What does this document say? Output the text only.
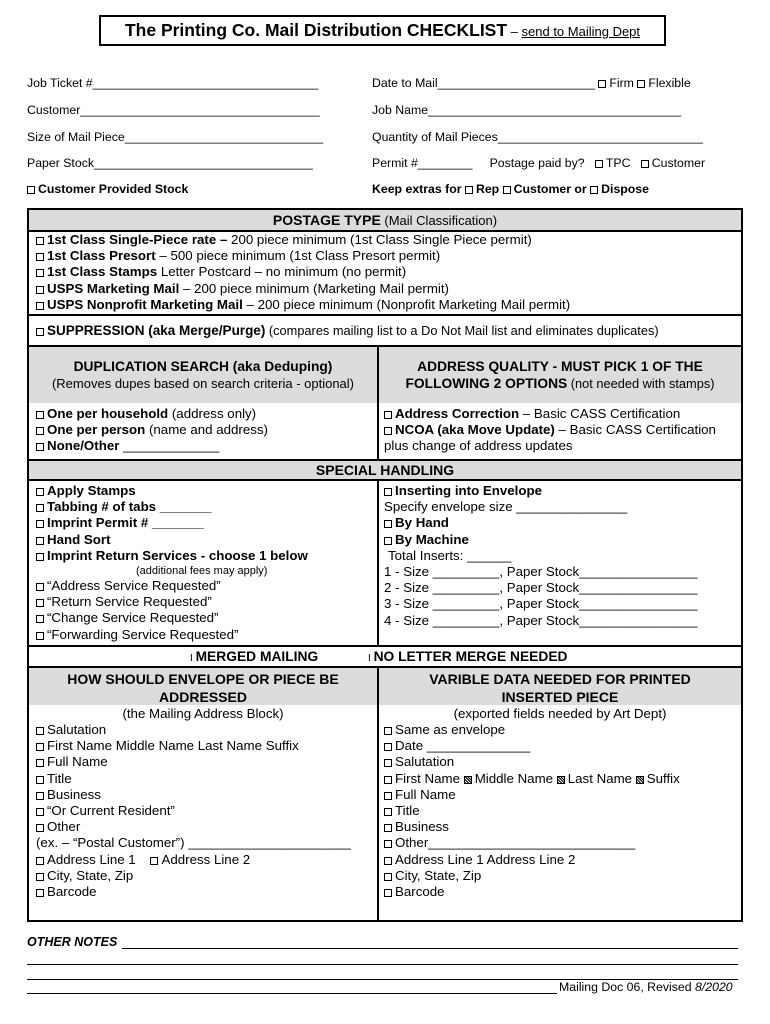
The Printing Co. Mail Distribution CHECKLIST – send to Mailing Dept
Job Ticket #_________________________________
Customer___________________________________
Size of Mail Piece_____________________________
Paper Stock________________________________
Customer Provided Stock
Date to Mail_______________________ Firm Flexible
Job Name_____________________________________
Quantity of Mail Pieces______________________________
Permit #________ Postage paid by? TPC Customer
Keep extras for Rep Customer or Dispose
POSTAGE TYPE (Mail Classification)
1st Class Single-Piece rate – 200 piece minimum (1st Class Single Piece permit)
1st Class Presort – 500 piece minimum (1st Class Presort permit)
1st Class Stamps Letter Postcard – no minimum (no permit)
USPS Marketing Mail – 200 piece minimum (Marketing Mail permit)
USPS Nonprofit Marketing Mail – 200 piece minimum (Nonprofit Marketing Mail permit)
SUPPRESSION (aka Merge/Purge) (compares mailing list to a Do Not Mail list and eliminates duplicates)
DUPLICATION SEARCH (aka Deduping)
(Removes dupes based on search criteria - optional)
ADDRESS QUALITY - MUST PICK 1 OF THE
FOLLOWING 2 OPTIONS (not needed with stamps)
One per household (address only)
One per person (name and address)
None/Other _____________
Address Correction – Basic CASS Certification
NCOA (aka Move Update) – Basic CASS Certification
plus change of address updates
SPECIAL HANDLING
Apply Stamps
Tabbing # of tabs _______
Imprint Permit # _______
Hand Sort
Imprint Return Services - choose 1 below
(additional fees may apply)
“Address Service Requested”
“Return Service Requested”
“Change Service Requested”
“Forwarding Service Requested”
Inserting into Envelope
Specify envelope size _______________
By Hand
By Machine
Total Inserts: ______
1 - Size _________, Paper Stock________________
2 - Size _________, Paper Stock________________
3 - Size _________, Paper Stock________________
4 - Size _________, Paper Stock________________
I MERGED MAILING	I NO LETTER MERGE NEEDED
HOW SHOULD ENVELOPE OR PIECE BE
ADDRESSED
VARIBLE DATA NEEDED FOR PRINTED
INSERTED PIECE
(the Mailing Address Block)
Salutation
First Name Middle Name Last Name Suffix
Full Name
Title
Business
“Or Current Resident”
Other
(ex. – “Postal Customer”) ______________________
Address Line 1 Address Line 2
City, State, Zip
Barcode
(exported fields needed by Art Dept)
Same as envelope
Date ______________
Salutation
First Name Middle Name Last Name Suffix
Full Name
Title
Business
Other____________________________
Address Line 1 Address Line 2
City, State, Zip
Barcode
OTHER NOTES
Mailing Doc 06, Revised 8/2020
